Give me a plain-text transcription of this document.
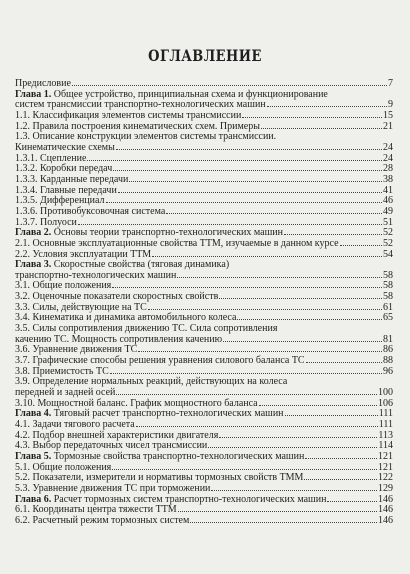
ОГЛАВЛЕНИЕ
Предисловие	7
Глава 1. Общее устройство, принципиальная схема и функционирование
систем трансмиссии транспортно-технологических машин	9
1.1. Классификация элементов системы трансмиссии	15
1.2. Правила построения кинематических схем. Примеры	21
1.3. Описание конструкции элементов системы трансмиссии.
Кинематические схемы	24
1.3.1. Сцепление	24
1.3.2. Коробки передач	28
1.3.3. Карданные передачи	38
1.3.4. Главные передачи	41
1.3.5. Дифференциал	46
1.3.6. Противобуксовочная система	49
1.3.7. Полуоси	51
Глава 2. Основы теории транспортно-технологических машин	52
2.1. Основные эксплуатационные свойства ТТМ, изучаемые в данном курсе	52
2.2. Условия эксплуатации ТТМ	54
Глава 3. Скоростные свойства (тяговая динамика)
транспортно-технологических машин	58
3.1. Общие положения	58
3.2. Оценочные показатели скоростных свойств	58
3.3. Силы, действующие на ТС	61
3.4. Кинематика и динамика автомобильного колеса	65
3.5. Силы сопротивления движению ТС. Сила сопротивления
качению ТС. Мощность сопротивления качению	81
3.6. Уравнение движения ТС	86
3.7. Графические способы решения уравнения силового баланса ТС	88
3.8. Приемистость ТС	96
3.9. Определение нормальных реакций, действующих на колеса
передней и задней осей	100
3.10. Мощностной баланс. График мощностного баланса	106
Глава 4. Тяговый расчет транспортно-технологических машин	111
4.1. Задачи тягового расчета	111
4.2. Подбор внешней характеристики двигателя	113
4.3. Выбор передаточных чисел трансмиссии	114
Глава 5. Тормозные свойства транспортно-технологических машин	121
5.1. Общие положения	121
5.2. Показатели, измерители и нормативы тормозных свойств ТММ	122
5.3. Уравнение движения ТС при торможении	129
Глава 6. Расчет тормозных систем транспортно-технологических машин	146
6.1. Координаты центра тяжести ТТМ	146
6.2. Расчетный режим тормозных систем	146
